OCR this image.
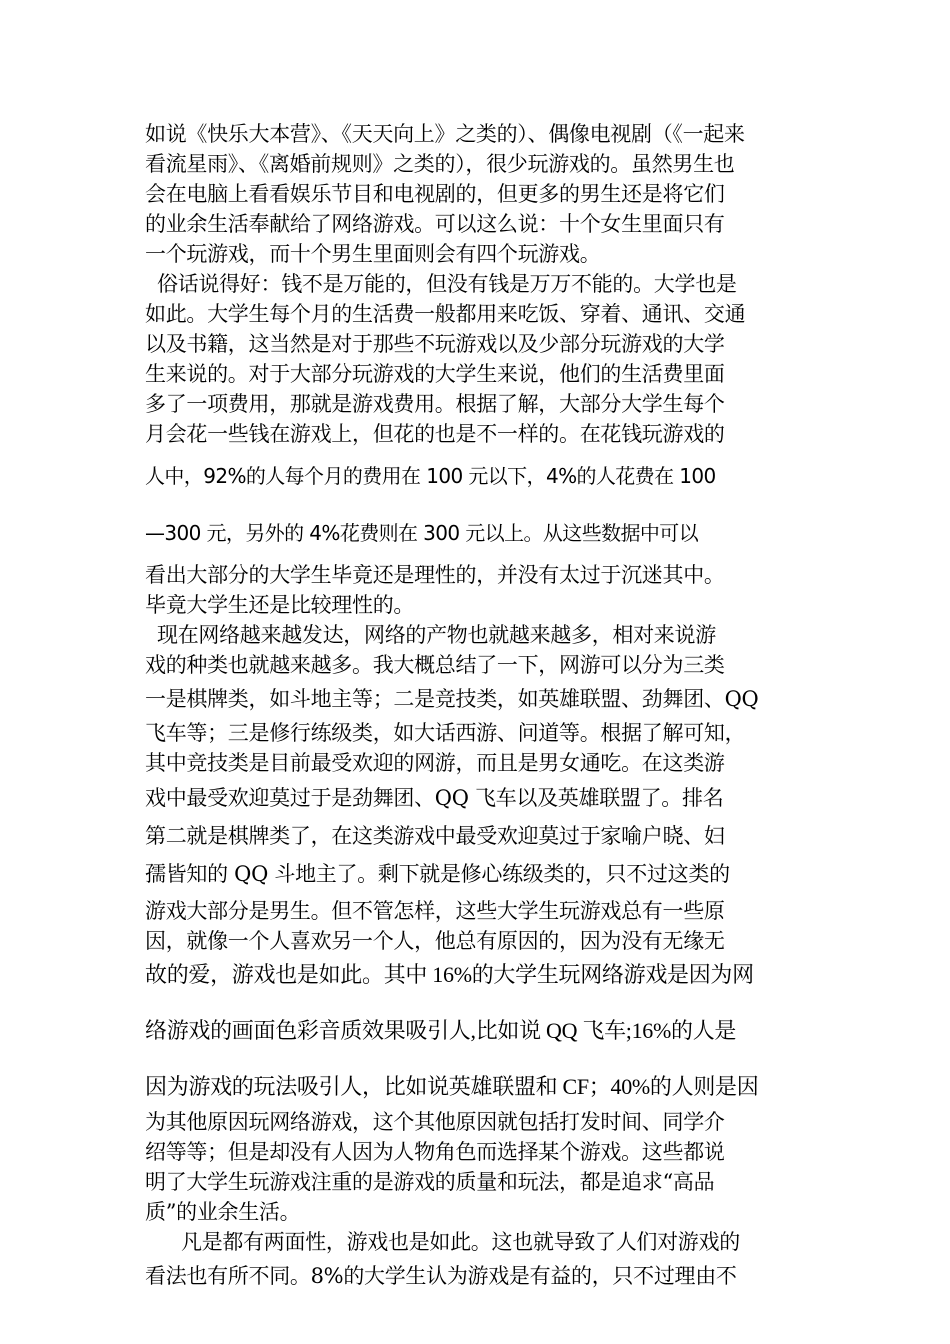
如说《快乐大本营》、《天天向上》之类的）、偶像电视剧（《一起来
看流星雨》、《离婚前规则》之类的），很少玩游戏的。虽然男生也
会在电脑上看看娱乐节目和电视剧的，但更多的男生还是将它们
的业余生活奉献给了网络游戏。可以这么说：十个女生里面只有
一个玩游戏，而十个男生里面则会有四个玩游戏。
俗话说得好：钱不是万能的，但没有钱是万万不能的。大学也是
如此。大学生每个月的生活费一般都用来吃饭、穿着、通讯、交通
以及书籍，这当然是对于那些不玩游戏以及少部分玩游戏的大学
生来说的。对于大部分玩游戏的大学生来说，他们的生活费里面
多了一项费用，那就是游戏费用。根据了解，大部分大学生每个
月会花一些钱在游戏上，但花的也是不一样的。在花钱玩游戏的
人中，92%的人每个月的费用在 100 元以下，4%的人花费在 100
—300 元，另外的 4%花费则在 300 元以上。从这些数据中可以
看出大部分的大学生毕竟还是理性的，并没有太过于沉迷其中。
毕竟大学生还是比较理性的。
现在网络越来越发达，网络的产物也就越来越多，相对来说游
戏的种类也就越来越多。我大概总结了一下，网游可以分为三类
一是棋牌类，如斗地主等；二是竞技类，如英雄联盟、劲舞团、QQ
飞车等；三是修行练级类，如大话西游、问道等。根据了解可知，
其中竞技类是目前最受欢迎的网游，而且是男女通吃。在这类游
戏中最受欢迎莫过于是劲舞团、QQ 飞车以及英雄联盟了。排名
第二就是棋牌类了，在这类游戏中最受欢迎莫过于家喻户晓、妇
孺皆知的 QQ 斗地主了。剩下就是修心练级类的，只不过这类的
游戏大部分是男生。但不管怎样，这些大学生玩游戏总有一些原
因，就像一个人喜欢另一个人，他总有原因的，因为没有无缘无
故的爱，游戏也是如此。其中 16%的大学生玩网络游戏是因为网
络游戏的画面色彩音质效果吸引人,比如说 QQ 飞车;16%的人是
因为游戏的玩法吸引人，比如说英雄联盟和 CF；40%的人则是因
为其他原因玩网络游戏，这个其他原因就包括打发时间、同学介
绍等等；但是却没有人因为人物角色而选择某个游戏。这些都说
明了大学生玩游戏注重的是游戏的质量和玩法，都是追求“高品
质”的业余生活。
凡是都有两面性，游戏也是如此。这也就导致了人们对游戏的
看法也有所不同。8%的大学生认为游戏是有益的，只不过理由不
